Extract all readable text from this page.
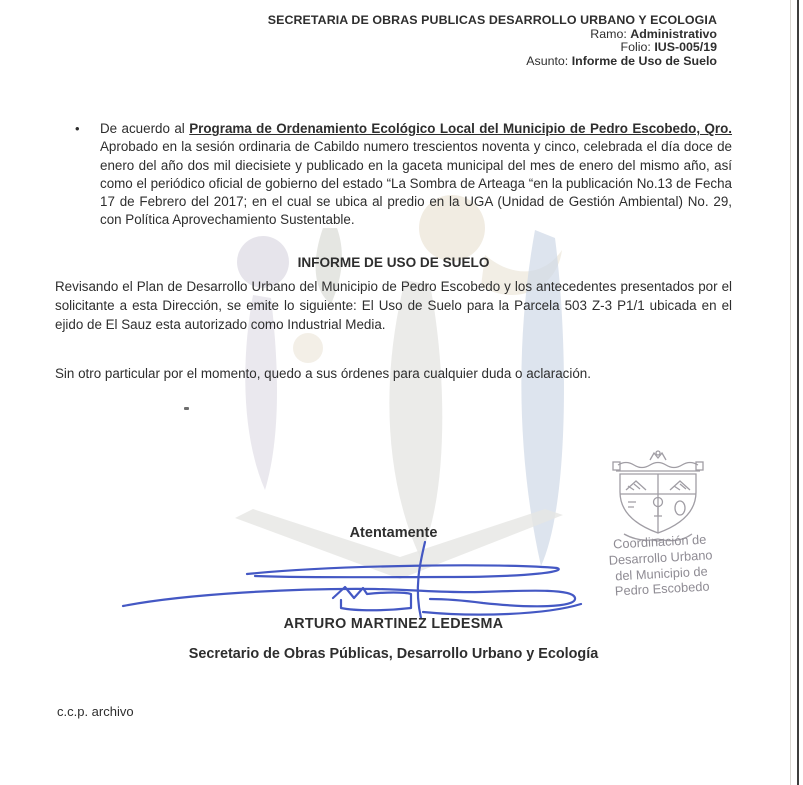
SECRETARIA DE OBRAS PUBLICAS DESARROLLO URBANO Y ECOLOGIA
Ramo: Administrativo
Folio: IUS-005/19
Asunto: Informe de Uso de Suelo
• De acuerdo al Programa de Ordenamiento Ecológico Local del Municipio de Pedro Escobedo, Qro. Aprobado en la sesión ordinaria de Cabildo numero trescientos noventa y cinco, celebrada el día doce de enero del año dos mil diecisiete y publicado en la gaceta municipal del mes de enero del mismo año, así como el periódico oficial de gobierno del estado “La Sombra de Arteaga “en la publicación No.13 de Fecha 17 de Febrero del 2017; en el cual se ubica al predio en la UGA (Unidad de Gestión Ambiental) No. 29, con Política Aprovechamiento Sustentable.
INFORME DE USO DE SUELO

Revisando el Plan de Desarrollo Urbano del Municipio de Pedro Escobedo y los antecedentes presentados por el solicitante a esta Dirección, se emite lo siguiente: El Uso de Suelo para la Parcela 503 Z-3 P1/1 ubicada en el ejido de El Sauz esta autorizado como Industrial Media.

Sin otro particular por el momento, quedo a sus órdenes para cualquier duda o aclaración.

Atentamente
ARTURO MARTINEZ LEDESMA
Secretario de Obras Públicas, Desarrollo Urbano y Ecología
Coordinación de
Desarrollo Urbano
del Municipio de
Pedro Escobedo
c.c.p. archivo
